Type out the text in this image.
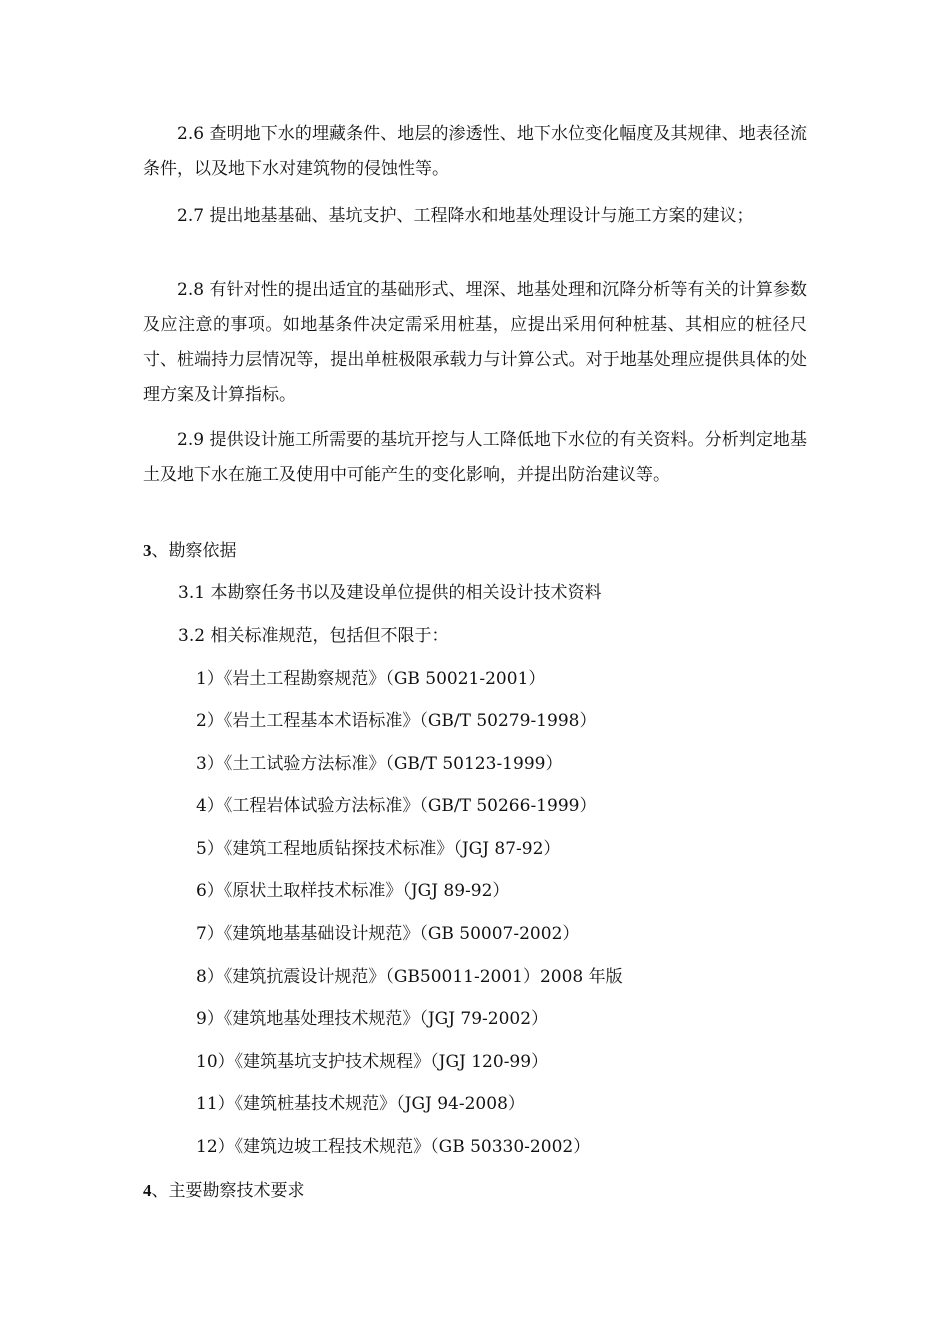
2.6 查明地下水的埋藏条件、地层的渗透性、地下水位变化幅度及其规律、地表径流条件，以及地下水对建筑物的侵蚀性等。

2.7 提出地基基础、基坑支护、工程降水和地基处理设计与施工方案的建议；

2.8 有针对性的提出适宜的基础形式、埋深、地基处理和沉降分析等有关的计算参数及应注意的事项。如地基条件决定需采用桩基，应提出采用何种桩基、其相应的桩径尺寸、桩端持力层情况等，提出单桩极限承载力与计算公式。对于地基处理应提供具体的处理方案及计算指标。

2.9 提供设计施工所需要的基坑开挖与人工降低地下水位的有关资料。分析判定地基土及地下水在施工及使用中可能产生的变化影响，并提出防治建议等。

3、勘察依据

3.1 本勘察任务书以及建设单位提供的相关设计技术资料

3.2 相关标准规范，包括但不限于：

1）《岩土工程勘察规范》（GB 50021-2001）

2）《岩土工程基本术语标准》（GB/T 50279-1998）

3）《土工试验方法标准》（GB/T 50123-1999）

4）《工程岩体试验方法标准》（GB/T 50266-1999）

5）《建筑工程地质钻探技术标准》（JGJ 87-92）

6）《原状土取样技术标准》（JGJ 89-92）

7）《建筑地基基础设计规范》（GB 50007-2002）

8）《建筑抗震设计规范》（GB50011-2001）2008 年版

9）《建筑地基处理技术规范》（JGJ 79-2002）

10）《建筑基坑支护技术规程》（JGJ 120-99）

11）《建筑桩基技术规范》（JGJ 94-2008）

12）《建筑边坡工程技术规范》（GB 50330-2002）

4、主要勘察技术要求
